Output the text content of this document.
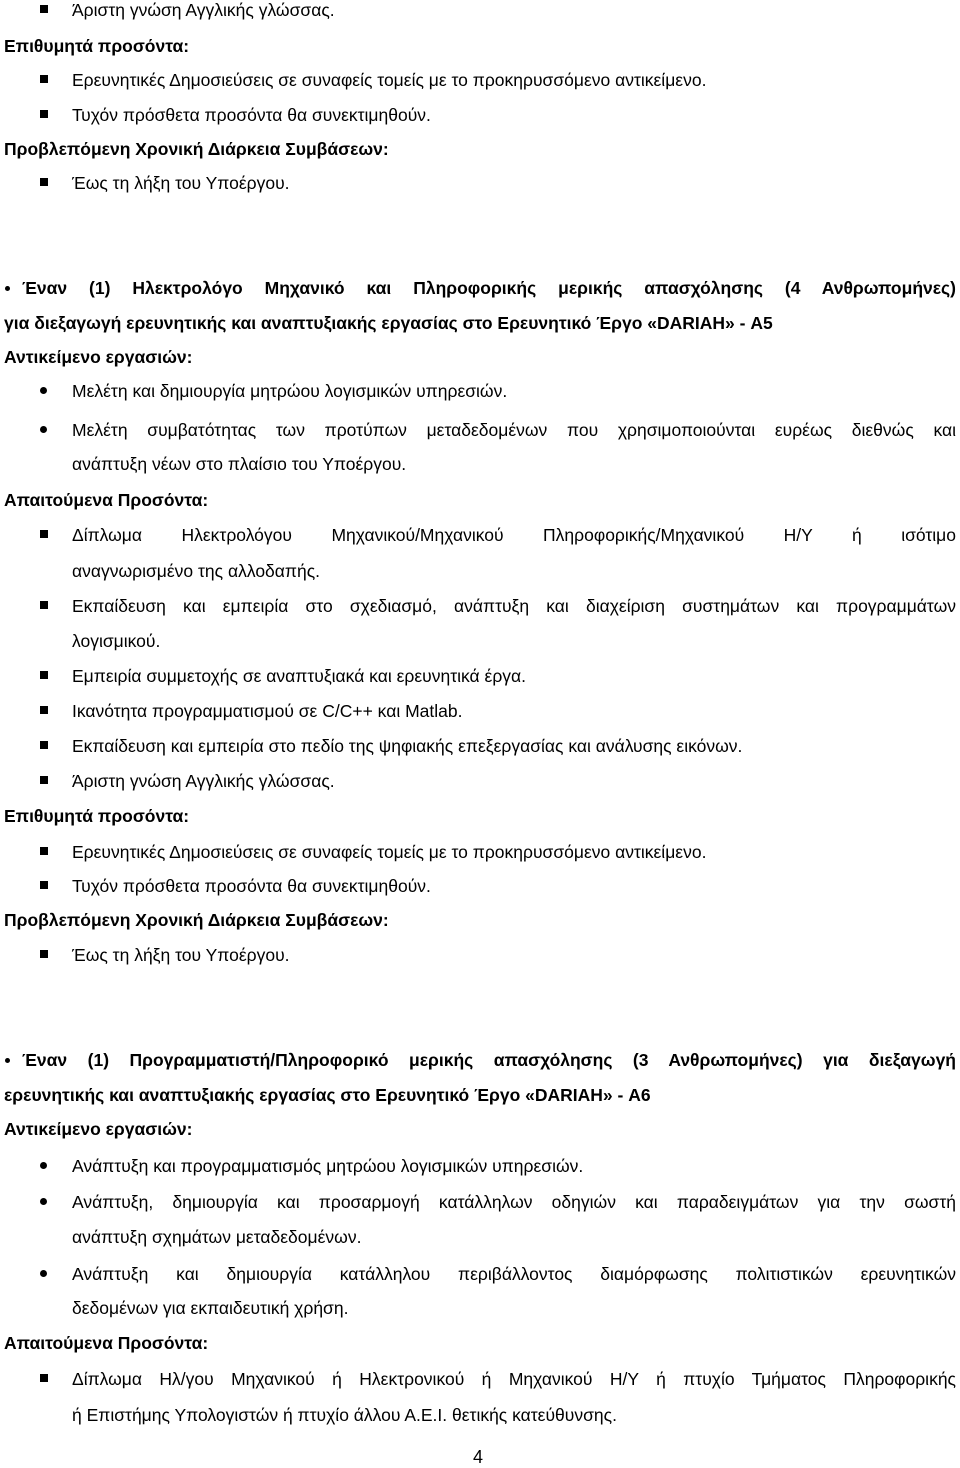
Άριστη γνώση Αγγλικής γλώσσας.
Επιθυμητά προσόντα:
Ερευνητικές Δημοσιεύσεις σε συναφείς τομείς με το προκηρυσσόμενο αντικείμενο.
Τυχόν πρόσθετα προσόντα θα συνεκτιμηθούν.
Προβλεπόμενη Χρονική Διάρκεια Συμβάσεων:
Έως τη λήξη του Υποέργου.
Έναν (1) Ηλεκτρολόγο Μηχανικό και Πληροφορικής μερικής απασχόλησης (4 Ανθρωπομήνες)
για διεξαγωγή ερευνητικής και αναπτυξιακής εργασίας στο Ερευνητικό Έργο «DARIAH» - Α5
Αντικείμενο εργασιών:
Μελέτη και δημιουργία μητρώου λογισμικών υπηρεσιών.
Μελέτη συμβατότητας των προτύπων μεταδεδομένων που χρησιμοποιούνται ευρέως διεθνώς και
ανάπτυξη νέων στο πλαίσιο του Υποέργου.
Απαιτούμενα Προσόντα:
Δίπλωμα Ηλεκτρολόγου Μηχανικού/Μηχανικού Πληροφορικής/Μηχανικού Η/Υ ή ισότιμο
αναγνωρισμένο της αλλοδαπής.
Εκπαίδευση και εμπειρία στο σχεδιασμό, ανάπτυξη και διαχείριση συστημάτων και προγραμμάτων
λογισμικού.
Εμπειρία συμμετοχής σε αναπτυξιακά και ερευνητικά έργα.
Ικανότητα προγραμματισμού σε C/C++ και Matlab.
Εκπαίδευση και εμπειρία στο πεδίο της ψηφιακής επεξεργασίας και ανάλυσης εικόνων.
Άριστη γνώση Αγγλικής γλώσσας.
Επιθυμητά προσόντα:
Ερευνητικές Δημοσιεύσεις σε συναφείς τομείς με το προκηρυσσόμενο αντικείμενο.
Τυχόν πρόσθετα προσόντα θα συνεκτιμηθούν.
Προβλεπόμενη Χρονική Διάρκεια Συμβάσεων:
Έως τη λήξη του Υποέργου.
Έναν (1) Προγραμματιστή/Πληροφορικό μερικής απασχόλησης (3 Ανθρωπομήνες) για διεξαγωγή
ερευνητικής και αναπτυξιακής εργασίας στο Ερευνητικό Έργο «DARIAH» - Α6
Αντικείμενο εργασιών:
Ανάπτυξη και προγραμματισμός μητρώου λογισμικών υπηρεσιών.
Ανάπτυξη, δημιουργία και προσαρμογή κατάλληλων οδηγιών και παραδειγμάτων για την σωστή
ανάπτυξη σχημάτων μεταδεδομένων.
Ανάπτυξη και δημιουργία κατάλληλου περιβάλλοντος διαμόρφωσης πολιτιστικών ερευνητικών
δεδομένων για εκπαιδευτική χρήση.
Απαιτούμενα Προσόντα:
Δίπλωμα Ηλ/γου Μηχανικού ή Ηλεκτρονικού ή Μηχανικού Η/Υ ή πτυχίο Τμήματος Πληροφορικής
ή Επιστήμης Υπολογιστών ή πτυχίο άλλου Α.Ε.Ι. θετικής κατεύθυνσης.
4
